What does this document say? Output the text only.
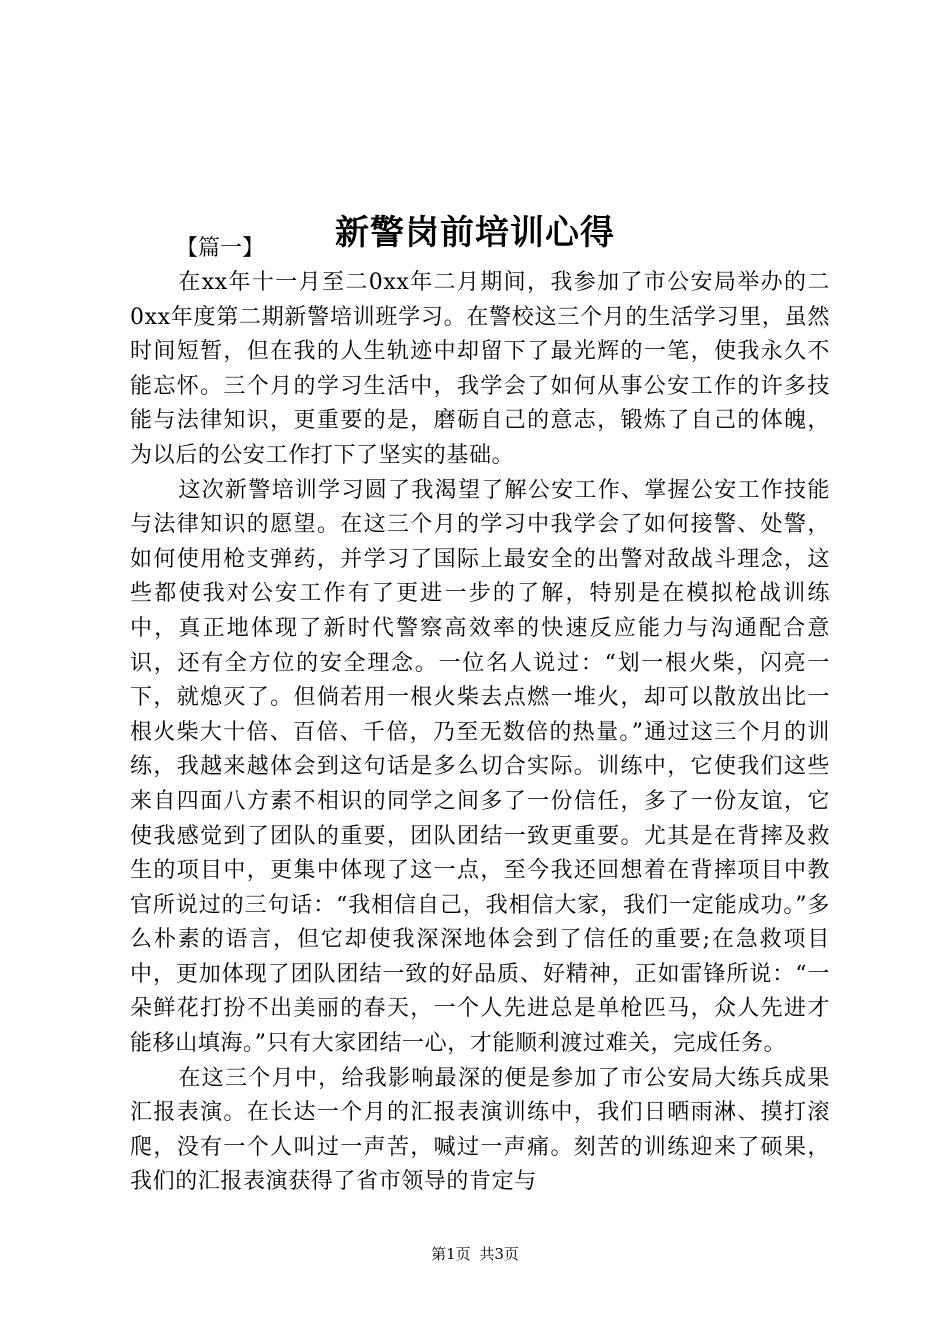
新警岗前培训心得

【篇一】

在xx年十一月至二0xx年二月期间，我参加了市公安局举办的二0xx年度第二期新警培训班学习。在警校这三个月的生活学习里，虽然时间短暂，但在我的人生轨迹中却留下了最光辉的一笔，使我永久不能忘怀。三个月的学习生活中，我学会了如何从事公安工作的许多技能与法律知识，更重要的是，磨砺自己的意志，锻炼了自己的体魄，为以后的公安工作打下了坚实的基础。

这次新警培训学习圆了我渴望了解公安工作、掌握公安工作技能与法律知识的愿望。在这三个月的学习中我学会了如何接警、处警，如何使用枪支弹药，并学习了国际上最安全的出警对敌战斗理念，这些都使我对公安工作有了更进一步的了解，特别是在模拟枪战训练中，真正地体现了新时代警察高效率的快速反应能力与沟通配合意识，还有全方位的安全理念。一位名人说过：“划一根火柴，闪亮一下，就熄灭了。但倘若用一根火柴去点燃一堆火，却可以散放出比一根火柴大十倍、百倍、千倍，乃至无数倍的热量。”通过这三个月的训练，我越来越体会到这句话是多么切合实际。训练中，它使我们这些来自四面八方素不相识的同学之间多了一份信任，多了一份友谊，它使我感觉到了团队的重要，团队团结一致更重要。尤其是在背摔及救生的项目中，更集中体现了这一点，至今我还回想着在背摔项目中教官所说过的三句话：“我相信自己，我相信大家，我们一定能成功。”多么朴素的语言，但它却使我深深地体会到了信任的重要;在急救项目中，更加体现了团队团结一致的好品质、好精神，正如雷锋所说：“一朵鲜花打扮不出美丽的春天，一个人先进总是单枪匹马，众人先进才能移山填海。”只有大家团结一心，才能顺利渡过难关，完成任务。

在这三个月中，给我影响最深的便是参加了市公安局大练兵成果汇报表演。在长达一个月的汇报表演训练中，我们日晒雨淋、摸打滚爬，没有一个人叫过一声苦，喊过一声痛。刻苦的训练迎来了硕果，我们的汇报表演获得了省市领导的肯定与

第1页 共3页
